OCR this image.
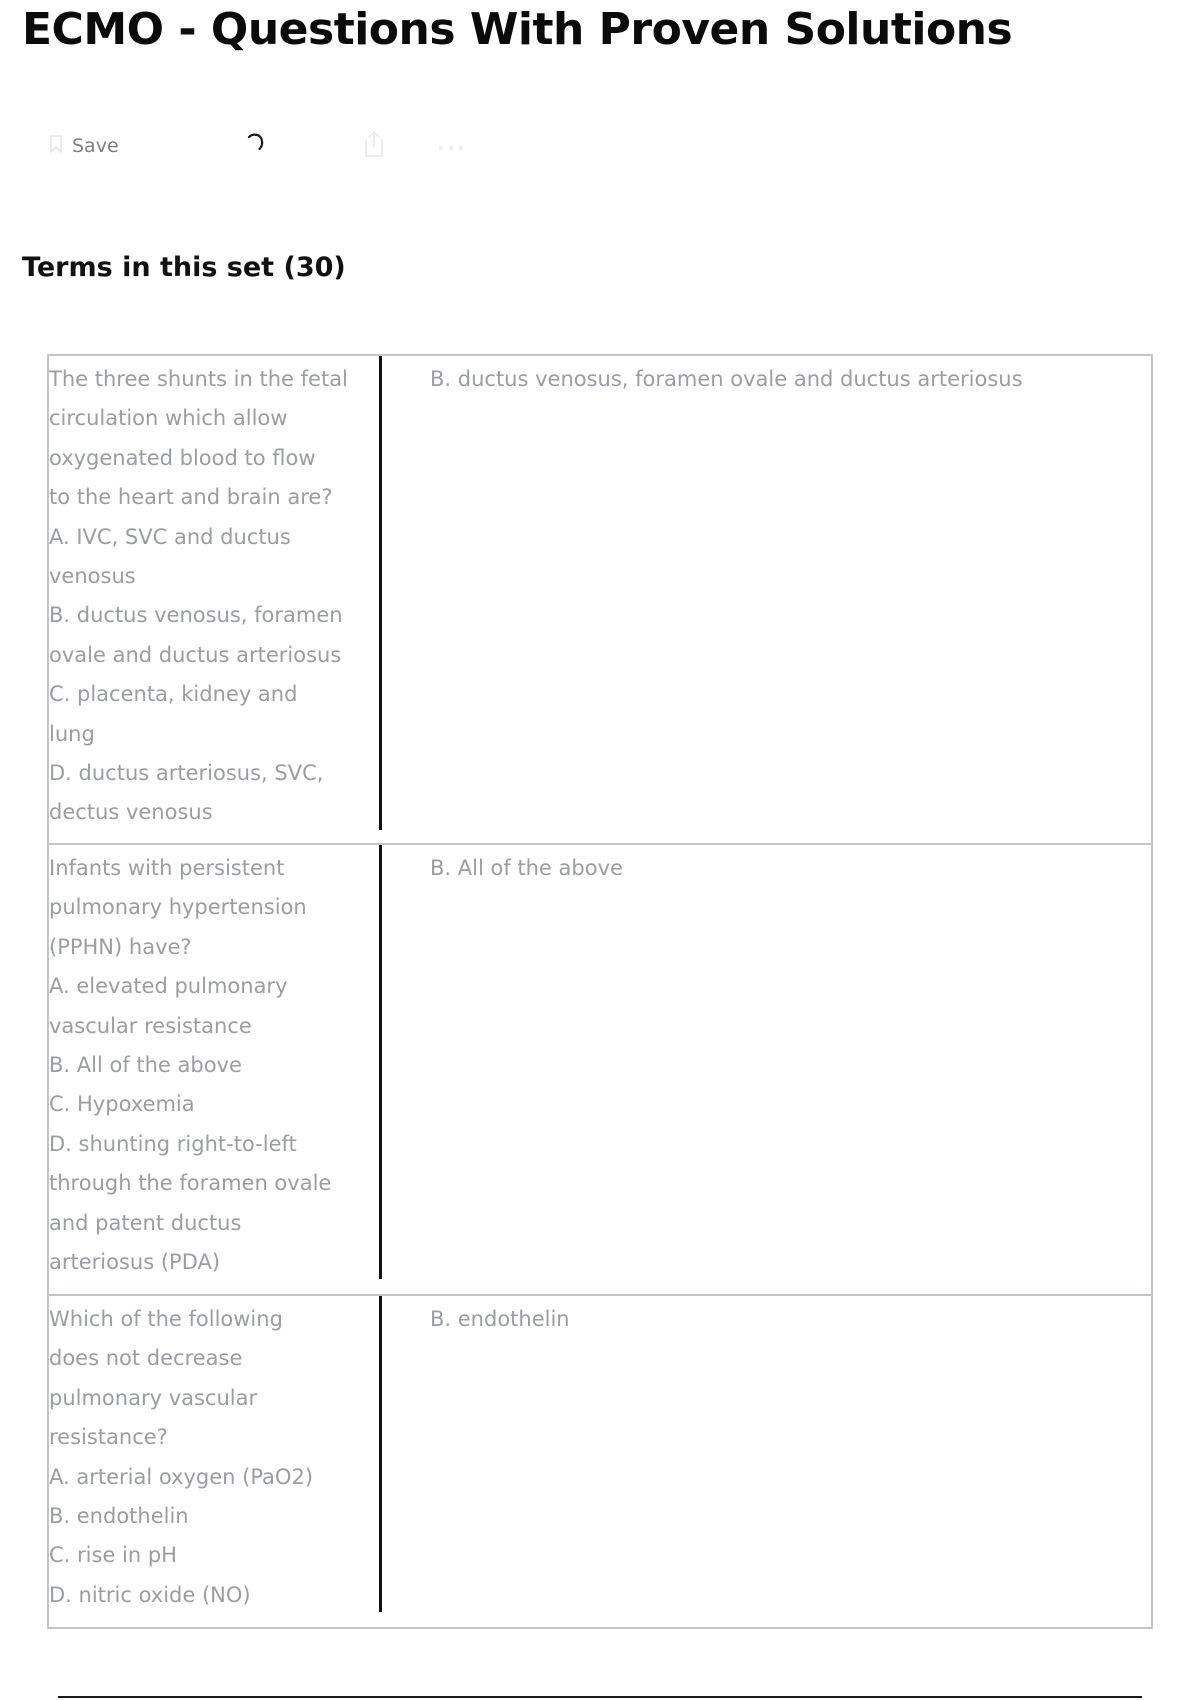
ECMO - Questions With Proven Solutions
Save
Terms in this set (30)
The three shunts in the fetal
circulation which allow
oxygenated blood to flow
to the heart and brain are?
A. IVC, SVC and ductus
venosus
B. ductus venosus, foramen
ovale and ductus arteriosus
C. placenta, kidney and
lung
D. ductus arteriosus, SVC,
dectus venosus
B. ductus venosus, foramen ovale and ductus arteriosus
Infants with persistent
pulmonary hypertension
(PPHN) have?
A. elevated pulmonary
vascular resistance
B. All of the above
C. Hypoxemia
D. shunting right-to-left
through the foramen ovale
and patent ductus
arteriosus (PDA)
B. All of the above
Which of the following
does not decrease
pulmonary vascular
resistance?
A. arterial oxygen (PaO2)
B. endothelin
C. rise in pH
D. nitric oxide (NO)
B. endothelin
